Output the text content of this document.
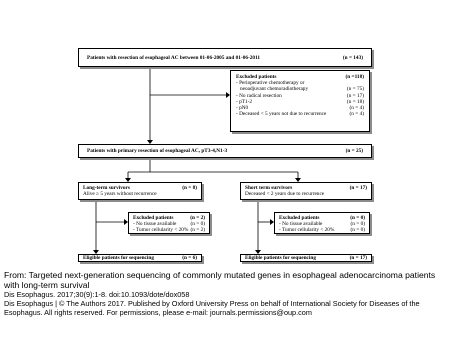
Patients with resection of esophageal AC between 01-06-2005 and 01-06-2011	(n = 143)
Excluded patients	(n =118)
- Perioperative chemotherapy or
neoadjuvant chemoradiotherapy	(n = 75)
- No radical resection	(n = 17)
- pT1-2	(n = 18)
- pN0	(n = 4)
- Deceased < 5 years not due to recurrence	(n = 4)
Patients with primary resection of esophageal AC, pT3-4,N1-3	(n = 25)
Long-term survivors	(n = 8)
Alive ≥ 5 years without recurrence
Short term survivors	(n = 17)
Deceased < 2 years due to recurrence
Excluded patients	(n = 2)
- No tissue available	(n = 0)
- Tumor cellularity < 20% (n = 2)
Excluded patients	(n = 0)
- No tissue available	(n = 0)
- Tumor cellularity < 20%	(n = 0)
Eligible patients for sequencing	(n = 6)	Eligible patients for sequencing	(n = 17)
From: Targeted next-generation sequencing of commonly mutated genes in esophageal adenocarcinoma patients with long-term survival
Dis Esophagus. 2017;30(9):1-8. doi:10.1093/dote/dox058
Dis Esophagus | © The Authors 2017. Published by Oxford University Press on behalf of International Society for Diseases of the Esophagus. All rights reserved. For permissions, please e-mail: journals.permissions@oup.com
